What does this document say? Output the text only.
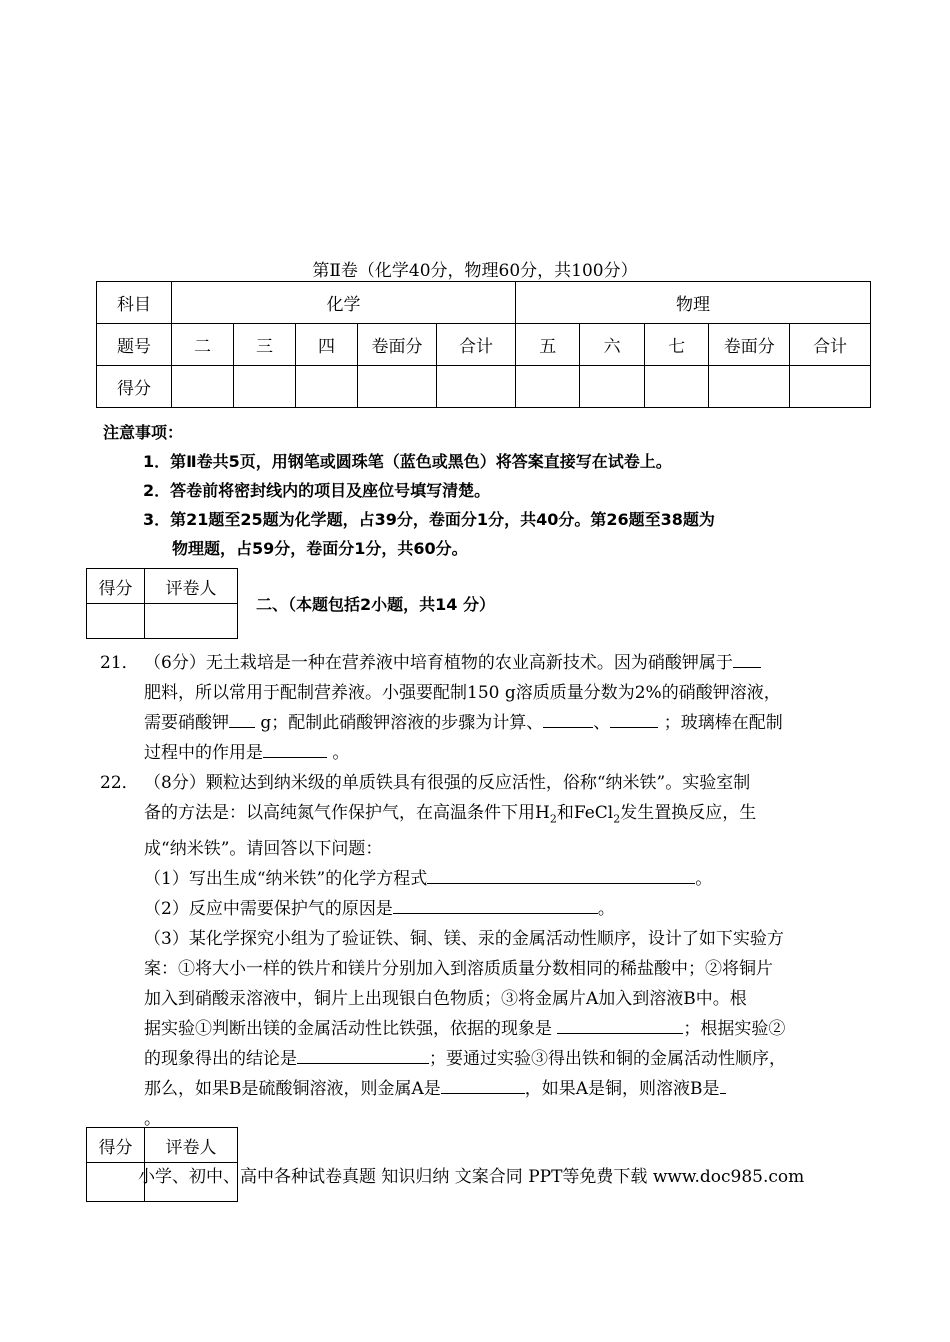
第Ⅱ卷（化学40分，物理60分，共100分）
科目	化学					物理				
题号	二	三	四	卷面分	合计	五	六	七	卷面分	合计
得分										
注意事项：
1．第Ⅱ卷共5页，用钢笔或圆珠笔（蓝色或黑色）将答案直接写在试卷上。
2．答卷前将密封线内的项目及座位号填写清楚。
3．第21题至25题为化学题，占39分，卷面分1分，共40分。第26题至38题为
物理题，占59分，卷面分1分，共60分。
得分	评卷人

二、（本题包括2小题，共14 分）
21． （6分）无土栽培是一种在营养液中培育植物的农业高新技术。因为硝酸钾属于
肥料，所以常用于配制营养液。小强要配制150 g溶质质量分数为2%的硝酸钾溶液，
需要硝酸钾 g；配制此硝酸钾溶液的步骤为计算、	、	；玻璃棒在配制
过程中的作用是	。
22． （8分）颗粒达到纳米级的单质铁具有很强的反应活性，俗称“纳米铁”。实验室制
备的方法是：以高纯氮气作保护气，在高温条件下用$H_2$和FeCl$_2$发生置换反应，生
成“纳米铁”。请回答以下问题：
（1）写出生成“纳米铁”的化学方程式	。
（2）反应中需要保护气的原因是	。
（3）某化学探究小组为了验证铁、铜、镁、汞的金属活动性顺序，设计了如下实验方
案：①将大小一样的铁片和镁片分别加入到溶质质量分数相同的稀盐酸中；②将铜片
加入到硝酸汞溶液中，铜片上出现银白色物质；③将金属片A加入到溶液B中。根
据实验①判断出镁的金属活动性比铁强，依据的现象是	；根据实验②
的现象得出的结论是	；要通过实验③得出铁和铜的金属活动性顺序，
那么，如果B是硫酸铜溶液，则金属A是	，如果A是铜，则溶液B是
。
得分	评卷人

小学、初中、高中各种试卷真题 知识归纳 文案合同 PPT等免费下载 www.doc985.com
